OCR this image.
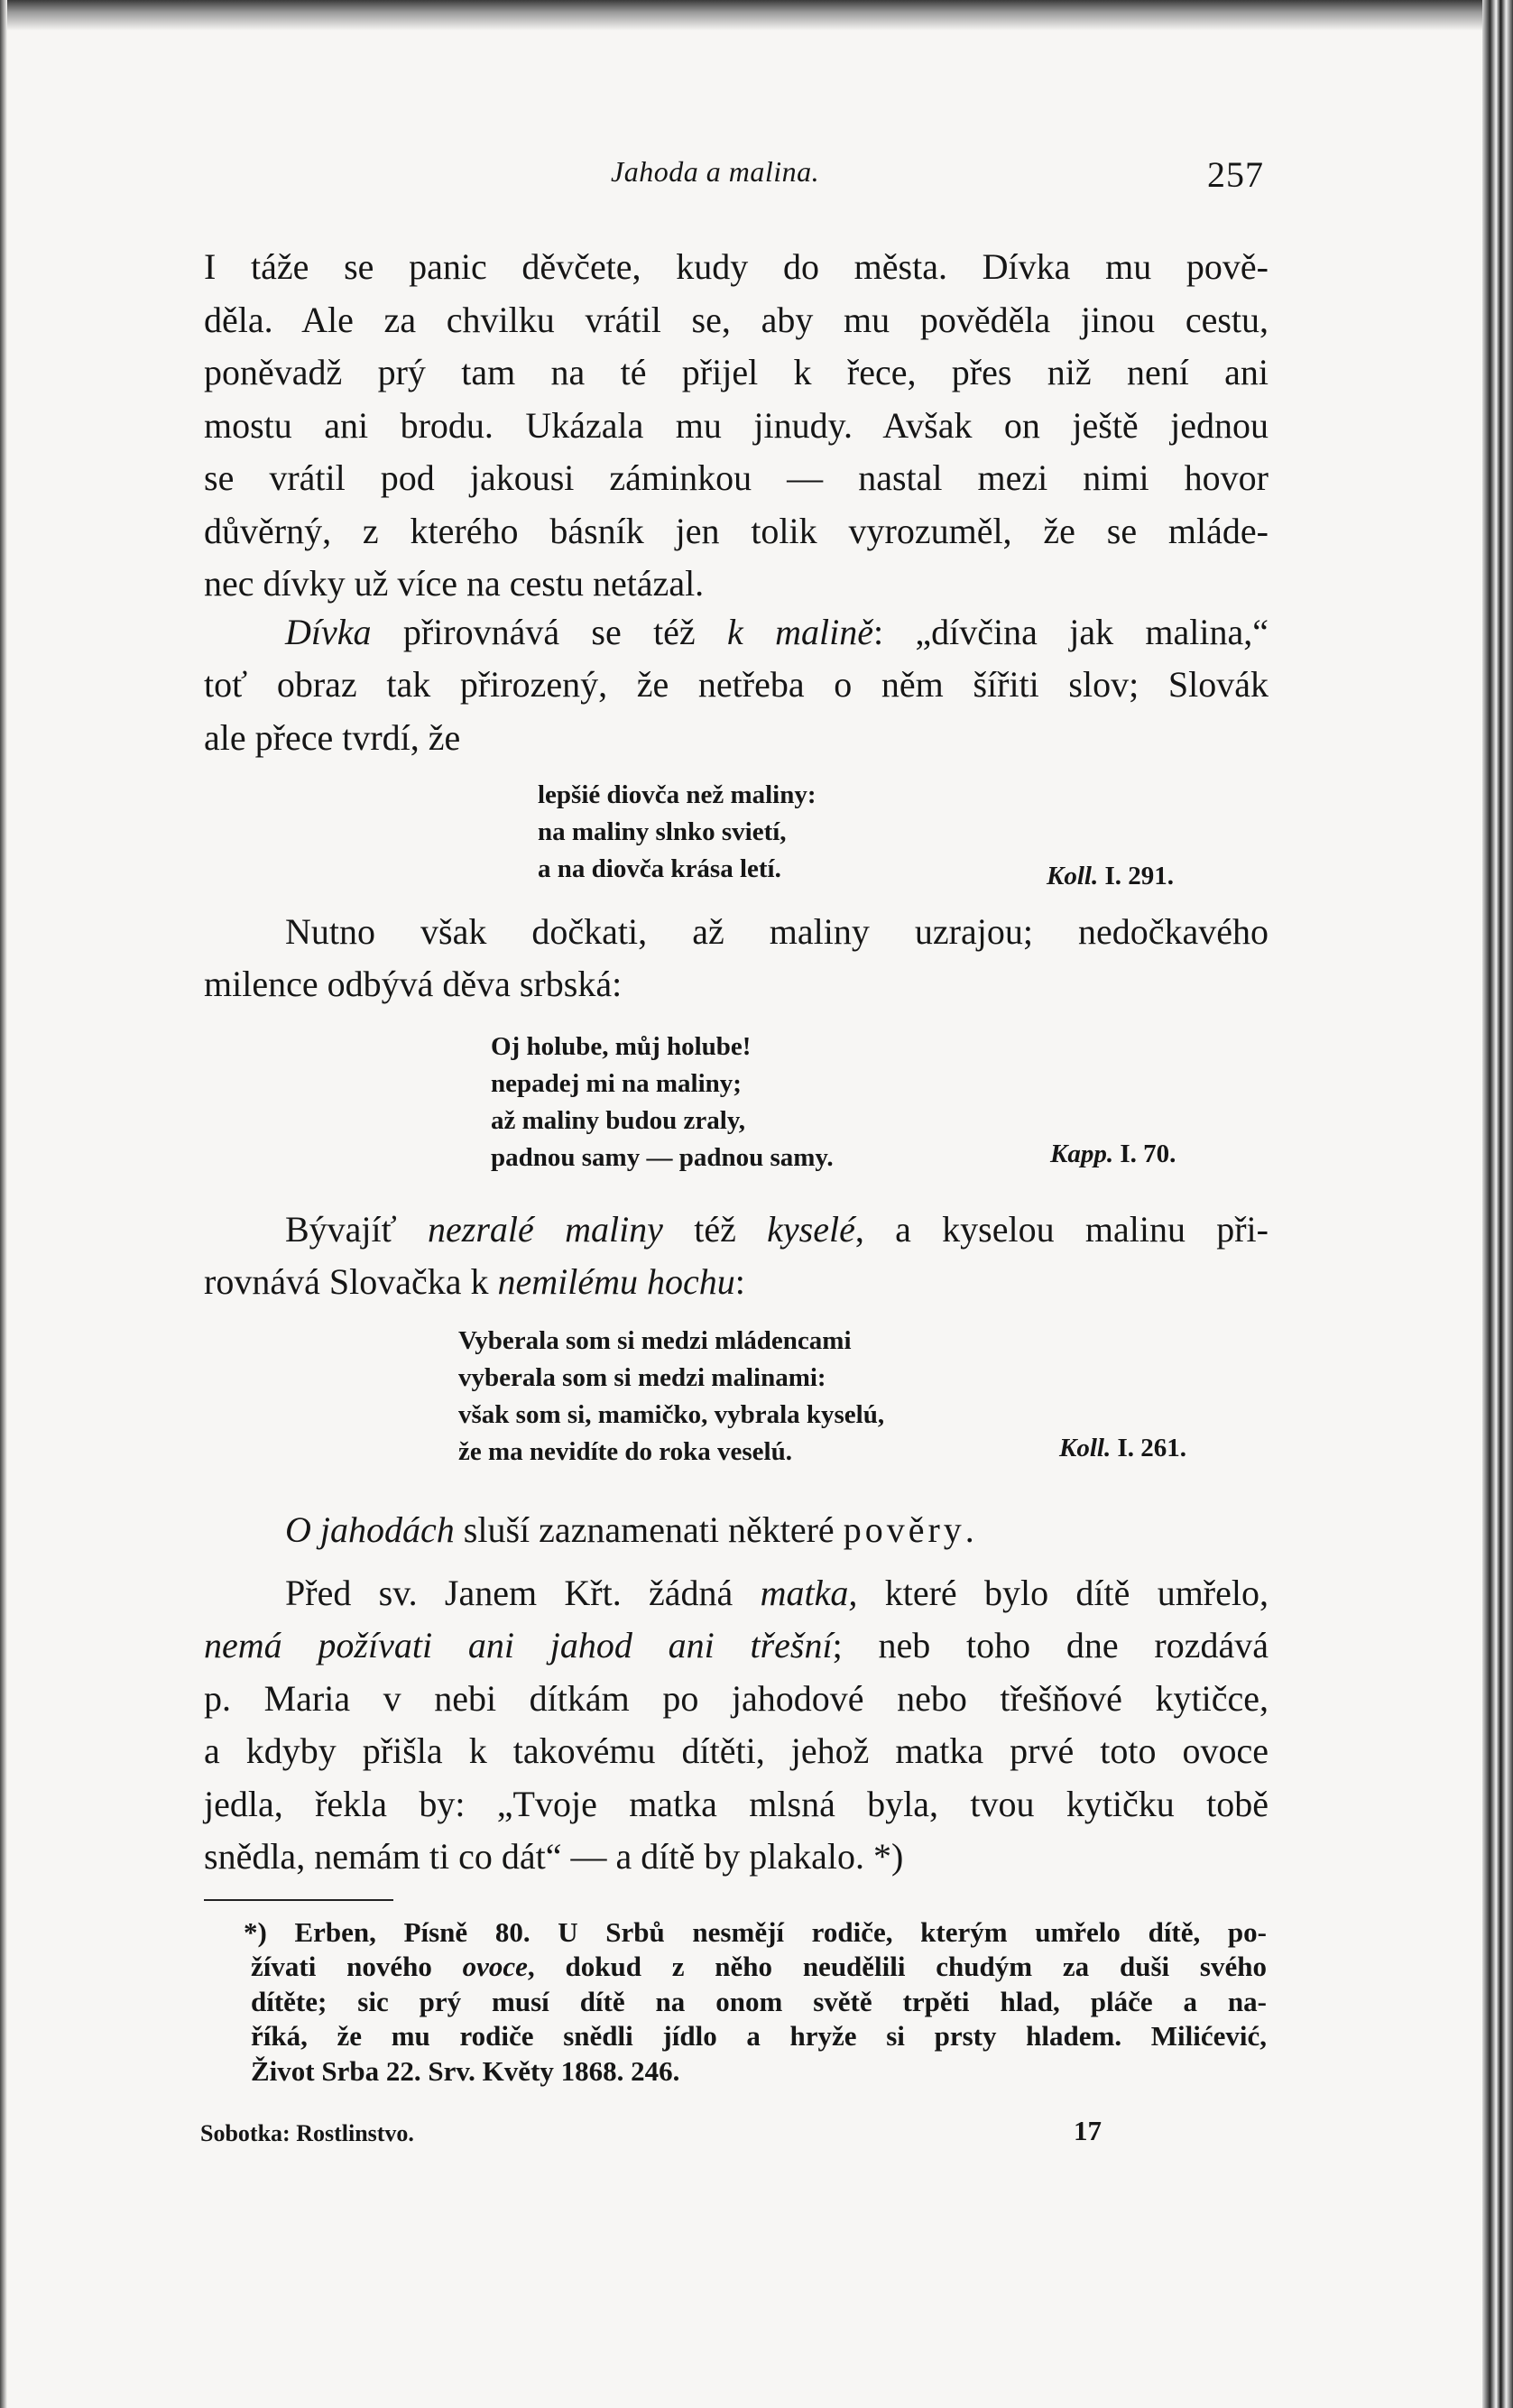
Jahoda a malina.	257

I táže se panic děvčete, kudy do města. Dívka mu pově-

děla. Ale za chvilku vrátil se, aby mu pověděla jinou cestu,

poněvadž prý tam na té přijel k řece, přes niž není ani

mostu ani brodu. Ukázala mu jinudy. Avšak on ještě jednou

se vrátil pod jakousi záminkou — nastal mezi nimi hovor

důvěrný, z kterého básník jen tolik vyrozuměl, že se mláde-

nec dívky už více na cestu netázal.

Dívka přirovnává se též k malině: „dívčina jak malina,“

toť obraz tak přirozený, že netřeba o něm šířiti slov; Slovák

ale přece tvrdí, že

lepšié diovča než maliny:
na maliny slnko svietí,
a na diovča krása letí.	Koll. I. 291.

Nutno však dočkati, až maliny uzrajou; nedočkavého

milence odbývá děva srbská:

Oj holube, můj holube!
nepadej mi na maliny;
až maliny budou zraly,
padnou samy — padnou samy.	Kapp. I. 70.

Bývajíť nezralé maliny též kyselé, a kyselou malinu při-

rovnává Slovačka k nemilému hochu:

Vyberala som si medzi mládencami
vyberala som si medzi malinami:
však som si, mamičko, vybrala kyselú,
že ma nevidíte do roka veselú.	Koll. I. 261.

O jahodách sluší zaznamenati některé pověry.

Před sv. Janem Křt. žádná matka, které bylo dítě umřelo,

nemá požívati ani jahod ani třešní; neb toho dne rozdává

p. Maria v nebi dítkám po jahodové nebo třešňové kytičce,

a kdyby přišla k takovému dítěti, jehož matka prvé toto ovoce

jedla, řekla by: „Tvoje matka mlsná byla, tvou kytičku tobě

snědla, nemám ti co dát“ — a dítě by plakalo. *)

*) Erben, Písně 80. U Srbů nesmějí rodiče, kterým umřelo dítě, po-

žívati nového ovoce, dokud z něho neudělili chudým za duši svého

dítěte; sic prý musí dítě na onom světě trpěti hlad, pláče a na-

říká, že mu rodiče snědli jídlo a hryže si prsty hladem. Milićević,

Život Srba 22. Srv. Květy 1868. 246.

Sobotka: Rostlinstvo.	17
